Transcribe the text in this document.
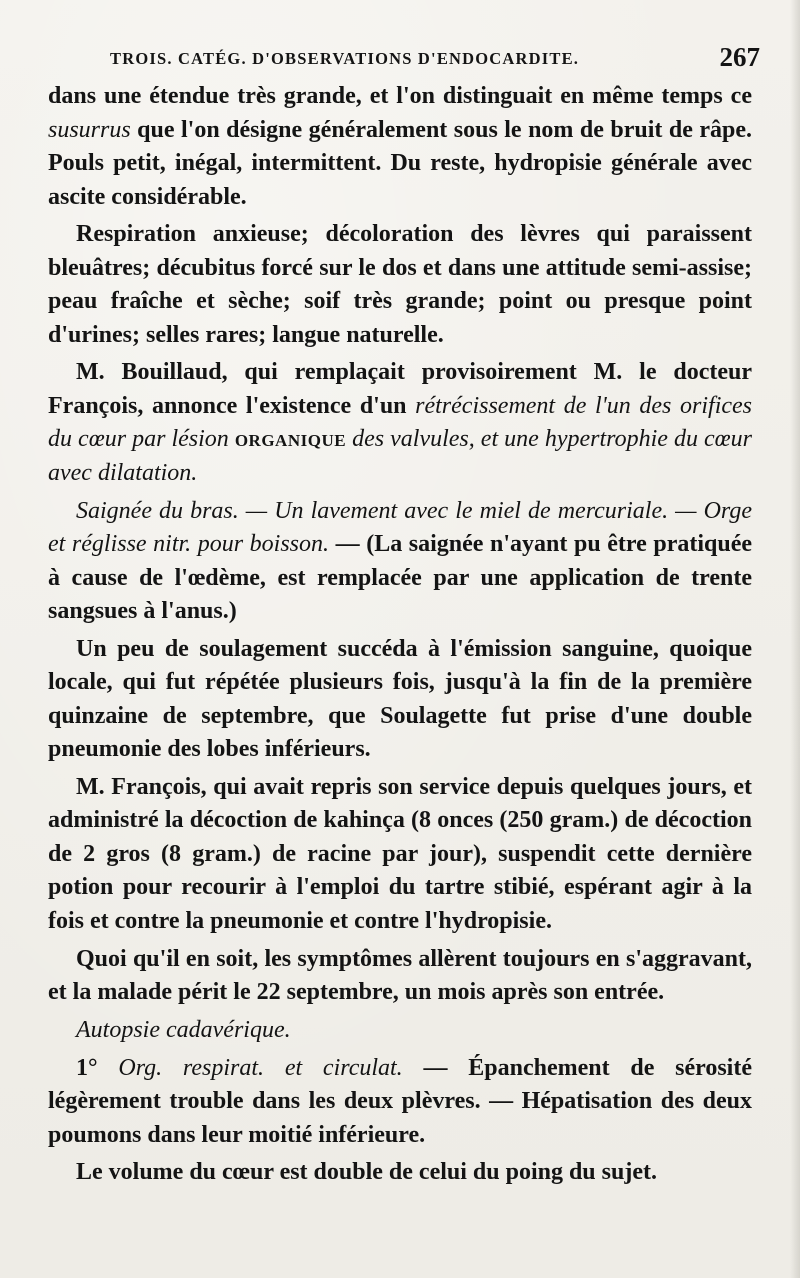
TROIS. CATÉG. D'OBSERVATIONS D'ENDOCARDITE.	267

dans une étendue très grande, et l'on distinguait en même temps ce susurrus que l'on désigne généralement sous le nom de bruit de râpe. Pouls petit, inégal, intermittent. Du reste, hydropisie générale avec ascite considérable.

Respiration anxieuse; décoloration des lèvres qui paraissent bleuâtres; décubitus forcé sur le dos et dans une attitude semi-assise; peau fraîche et sèche; soif très grande; point ou presque point d'urines; selles rares; langue naturelle.

M. Bouillaud, qui remplaçait provisoirement M. le docteur François, annonce l'existence d'un rétrécissement de l'un des orifices du cœur par lésion organique des valvules, et une hypertrophie du cœur avec dilatation.

Saignée du bras. — Un lavement avec le miel de mercuriale. — Orge et réglisse nitr. pour boisson. — (La saignée n'ayant pu être pratiquée à cause de l'œdème, est remplacée par une application de trente sangsues à l'anus.)

Un peu de soulagement succéda à l'émission sanguine, quoique locale, qui fut répétée plusieurs fois, jusqu'à la fin de la première quinzaine de septembre, que Soulagette fut prise d'une double pneumonie des lobes inférieurs.

M. François, qui avait repris son service depuis quelques jours, et administré la décoction de kahinça (8 onces (250 gram.) de décoction de 2 gros (8 gram.) de racine par jour), suspendit cette dernière potion pour recourir à l'emploi du tartre stibié, espérant agir à la fois et contre la pneumonie et contre l'hydropisie.

Quoi qu'il en soit, les symptômes allèrent toujours en s'aggravant, et la malade périt le 22 septembre, un mois après son entrée.

Autopsie cadavérique.

1° Org. respirat. et circulat. — Épanchement de sérosité légèrement trouble dans les deux plèvres. — Hépatisation des deux poumons dans leur moitié inférieure.

Le volume du cœur est double de celui du poing du sujet.
